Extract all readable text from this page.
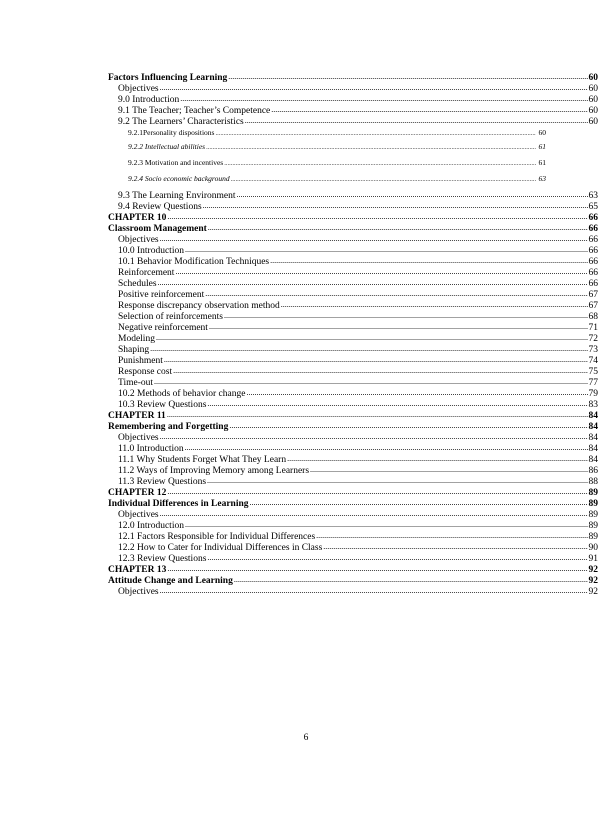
Factors Influencing Learning .....	60
Objectives .....	60
9.0 Introduction .....	60
9.1 The Teacher; Teacher’s Competence .....	60
9.2 The Learners’ Characteristics .....	60
9.2.1Personality dispositions .....	60
9.2.2 Intellectual abilities .....	61
9.2.3 Motivation and incentives .....	61
9.2.4 Socio economic background .....	63
9.3 The Learning Environment .....	63
9.4 Review Questions .....	65
CHAPTER 10 .....	66
Classroom Management .....	66
Objectives .....	66
10.0 Introduction .....	66
10.1 Behavior Modification Techniques .....	66
Reinforcement .....	66
Schedules .....	66
Positive reinforcement .....	67
Response discrepancy observation method .....	67
Selection of reinforcements .....	68
Negative reinforcement .....	71
Modeling .....	72
Shaping .....	73
Punishment .....	74
Response cost .....	75
Time-out .....	77
10.2 Methods of behavior change .....	79
10.3 Review Questions .....	83
CHAPTER 11 .....	84
Remembering and Forgetting .....	84
Objectives .....	84
11.0 Introduction .....	84
11.1 Why Students Forget What They Learn .....	84
11.2 Ways of Improving Memory among Learners .....	86
11.3 Review Questions .....	88
CHAPTER 12 .....	89
Individual Differences in Learning .....	89
Objectives .....	89
12.0 Introduction .....	89
12.1 Factors Responsible for Individual Differences .....	89
12.2 How to Cater for Individual Differences in Class .....	90
12.3 Review Questions .....	91
CHAPTER 13 .....	92
Attitude Change and Learning .....	92
Objectives .....	92
6
